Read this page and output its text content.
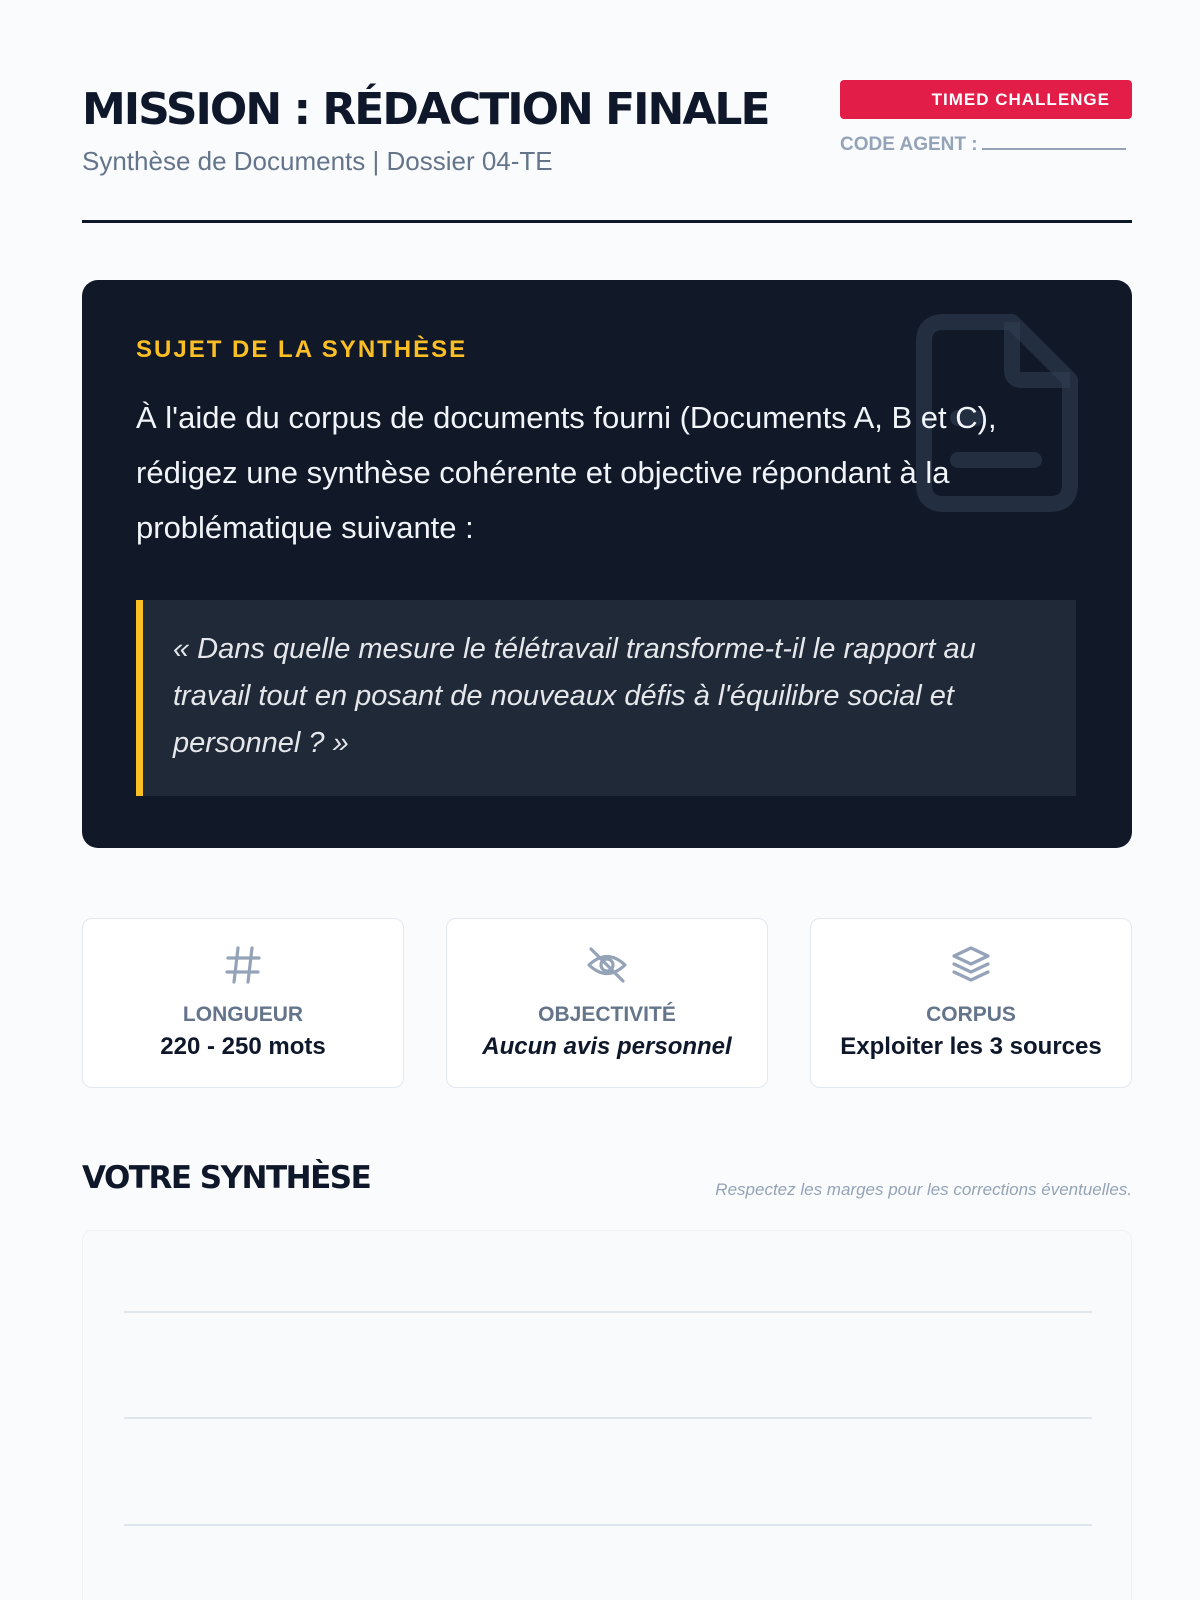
MISSION : RÉDACTION FINALE
Synthèse de Documents | Dossier 04-TE
TIMED CHALLENGE
CODE AGENT :
SUJET DE LA SYNTHÈSE

À l'aide du corpus de documents fourni (Documents A, B et C), rédigez une synthèse cohérente et objective répondant à la problématique suivante :

« Dans quelle mesure le télétravail transforme-t-il le rapport au travail tout en posant de nouveaux défis à l'équilibre social et personnel ? »

LONGUEUR
220 - 250 mots
OBJECTIVITÉ
Aucun avis personnel
CORPUS
Exploiter les 3 sources
VOTRE SYNTHÈSE	Respectez les marges pour les corrections éventuelles.
